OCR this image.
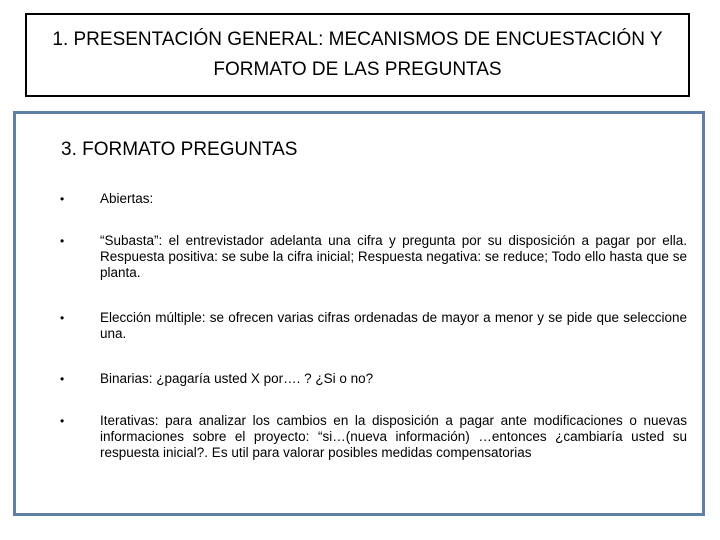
1. PRESENTACIÓN GENERAL: MECANISMOS DE ENCUESTACIÓN Y
FORMATO DE LAS PREGUNTAS
3. FORMATO PREGUNTAS
•	Abiertas:
•	“Subasta”: el entrevistador adelanta una cifra y pregunta por su disposición a pagar por ella. Respuesta positiva: se sube la cifra inicial; Respuesta negativa: se reduce; Todo ello hasta que se planta.
•	Elección múltiple: se ofrecen varias cifras ordenadas de mayor a menor y se pide que seleccione una.
•	Binarias: ¿pagaría usted X por…. ? ¿Si o no?
•	Iterativas: para analizar los cambios en la disposición a pagar ante modificaciones o nuevas informaciones sobre el proyecto: “si…(nueva información) …entonces ¿cambiaría usted su respuesta inicial?. Es util para valorar posibles medidas compensatorias
